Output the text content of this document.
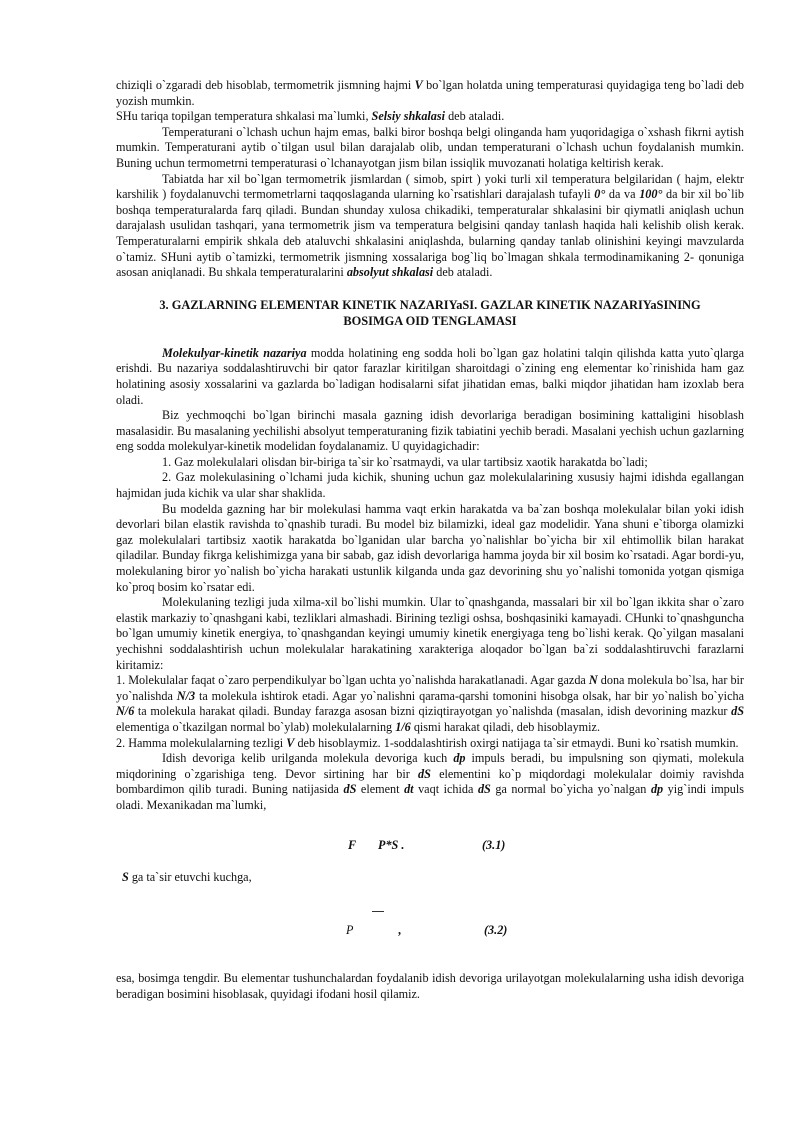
chiziqli o`zgaradi deb hisoblab, termometrik jismning hajmi V bo`lgan holatda uning temperaturasi quyidagiga teng bo`ladi deb yozish mumkin.

SHu tariqa topilgan temperatura shkalasi ma`lumki, Selsiy shkalasi deb ataladi.

Temperaturani o`lchash uchun hajm emas, balki biror boshqa belgi olinganda ham yuqoridagiga o`xshash fikrni aytish mumkin. Temperaturani aytib o`tilgan usul bilan darajalab olib, undan temperaturani o`lchash uchun foydalanish mumkin. Buning uchun termometrni temperaturasi o`lchanayotgan jism bilan issiqlik muvozanati holatiga keltirish kerak.

Tabiatda har xil bo`lgan termometrik jismlardan ( simob, spirt ) yoki turli xil temperatura belgilaridan ( hajm, elektr karshilik ) foydalanuvchi termometrlarni taqqoslaganda ularning ko`rsatishlari darajalash tufayli 0° da va 100° da bir xil bo`lib boshqa temperaturalarda farq qiladi. Bundan shunday xulosa chikadiki, temperaturalar shkalasini bir qiymatli aniqlash uchun darajalash usulidan tashqari, yana termometrik jism va temperatura belgisini qanday tanlash haqida hali kelishib olish kerak. Temperaturalarni empirik shkala deb ataluvchi shkalasini aniqlashda, bularning qanday tanlab olinishini keyingi mavzularda o`tamiz. SHuni aytib o`tamizki, termometrik jismning xossalariga bog`liq bo`lmagan shkala termodinamikaning 2- qonuniga asosan aniqlanadi. Bu shkala temperaturalarini absolyut shkalasi deb ataladi.

3. GAZLARNING ELEMENTAR KINETIK NAZARIYaSI. GAZLAR KINETIK NAZARIYaSINING
BOSIMGA OID TENGLAMASI

Molekulyar-kinetik nazariya modda holatining eng sodda holi bo`lgan gaz holatini talqin qilishda katta yuto`qlarga erishdi. Bu nazariya soddalashtiruvchi bir qator farazlar kiritilgan sharoitdagi o`zining eng elementar ko`rinishida ham gaz holatining asosiy xossalarini va gazlarda bo`ladigan hodisalarni sifat jihatidan emas, balki miqdor jihatidan ham izoxlab bera oladi.

Biz yechmoqchi bo`lgan birinchi masala gazning idish devorlariga beradigan bosimining kattaligini hisoblash masalasidir. Bu masalaning yechilishi absolyut temperaturaning fizik tabiatini yechib beradi. Masalani yechish uchun gazlarning eng sodda molekulyar-kinetik modelidan foydalanamiz. U quyidagichadir:

1. Gaz molekulalari olisdan bir-biriga ta`sir ko`rsatmaydi, va ular tartibsiz xaotik harakatda bo`ladi;

2. Gaz molekulasining o`lchami juda kichik, shuning uchun gaz molekulalarining xususiy hajmi idishda egallangan hajmidan juda kichik va ular shar shaklida.

Bu modelda gazning har bir molekulasi hamma vaqt erkin harakatda va ba`zan boshqa molekulalar bilan yoki idish devorlari bilan elastik ravishda to`qnashib turadi. Bu model biz bilamizki, ideal gaz modelidir. Yana shuni e`tiborga olamizki gaz molekulalari tartibsiz xaotik harakatda bo`lganidan ular barcha yo`nalishlar bo`yicha bir xil ehtimollik bilan harakat qiladilar. Bunday fikrga kelishimizga yana bir sabab, gaz idish devorlariga hamma joyda bir xil bosim ko`rsatadi. Agar bordi-yu, molekulaning biror yo`nalish bo`yicha harakati ustunlik kilganda unda gaz devorining shu yo`nalishi tomonida yotgan qismiga ko`proq bosim ko`rsatar edi.

Molekulaning tezligi juda xilma-xil bo`lishi mumkin. Ular to`qnashganda, massalari bir xil bo`lgan ikkita shar o`zaro elastik markaziy to`qnashgani kabi, tezliklari almashadi. Birining tezligi oshsa, boshqasiniki kamayadi. CHunki to`qnashguncha bo`lgan umumiy kinetik energiya, to`qnashgandan keyingi umumiy kinetik energiyaga teng bo`lishi kerak. Qo`yilgan masalani yechishni soddalashtirish uchun molekulalar harakatining xarakteriga aloqador bo`lgan ba`zi soddalashtiruvchi farazlarni kiritamiz:

1. Molekulalar faqat o`zaro perpendikulyar bo`lgan uchta yo`nalishda harakatlanadi. Agar gazda N dona molekula bo`lsa, har bir yo`nalishda N/3 ta molekula ishtirok etadi. Agar yo`nalishni qarama-qarshi tomonini hisobga olsak, har bir yo`nalish bo`yicha N/6 ta molekula harakat qiladi. Bunday farazga asosan bizni qiziqtirayotgan yo`nalishda (masalan, idish devorining mazkur dS elementiga o`tkazilgan normal bo`ylab) molekulalarning 1/6 qismi harakat qiladi, deb hisoblaymiz.

2. Hamma molekulalarning tezligi V deb hisoblaymiz. 1-soddalashtirish oxirgi natijaga ta`sir etmaydi. Buni ko`rsatish mumkin.

Idish devoriga kelib urilganda molekula devoriga kuch dp impuls beradi, bu impulsning son qiymati, molekula miqdorining o`zgarishiga teng. Devor sirtining har bir dS elementini ko`p miqdordagi molekulalar doimiy ravishda bombardimon qilib turadi. Buning natijasida dS element dt vaqt ichida dS ga normal bo`yicha yo`nalgan dp yig`indi impuls oladi. Mexanikadan ma`lumki,

F P*S .	(3.1)
S ga ta`sir etuvchi kuchga,
P	,	(3.2)

esa, bosimga tengdir. Bu elementar tushunchalardan foydalanib idish devoriga urilayotgan molekulalarning usha idish devoriga beradigan bosimini hisoblasak, quyidagi ifodani hosil qilamiz.
